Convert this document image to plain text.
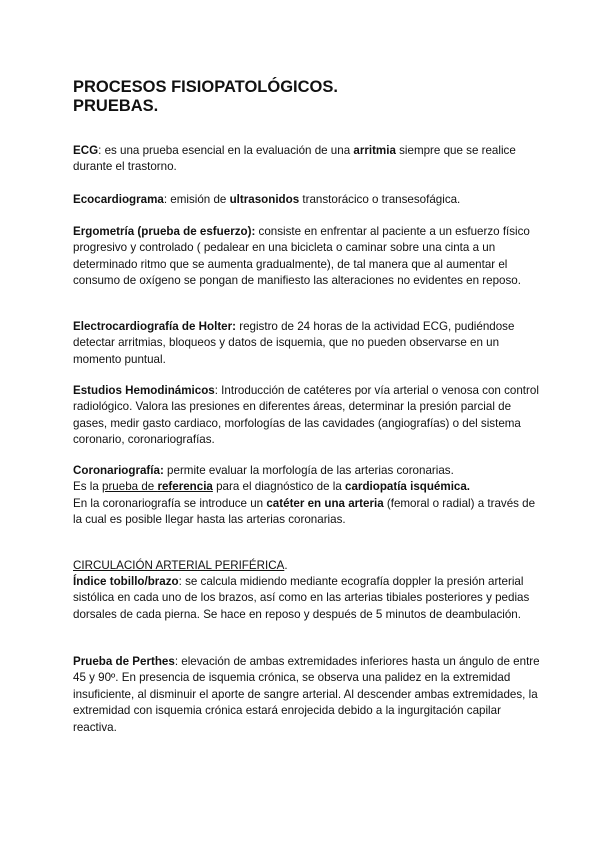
PROCESOS FISIOPATOLÓGICOS.
PRUEBAS.

ECG: es una prueba esencial en la evaluación de una arritmia siempre que se realice durante el trastorno.

Ecocardiograma: emisión de ultrasonidos transtorácico o transesofágica.

Ergometría (prueba de esfuerzo): consiste en enfrentar al paciente a un esfuerzo físico progresivo y controlado ( pedalear en una bicicleta o caminar sobre una cinta a un determinado ritmo que se aumenta gradualmente), de tal manera que al aumentar el consumo de oxígeno se pongan de manifiesto las alteraciones no evidentes en reposo.

Electrocardiografía de Holter: registro de 24 horas de la actividad ECG, pudiéndose detectar arritmias, bloqueos y datos de isquemia, que no pueden observarse en un momento puntual.

Estudios Hemodinámicos: Introducción de catéteres por vía arterial o venosa con control radiológico. Valora las presiones en diferentes áreas, determinar la presión parcial de gases, medir gasto cardiaco, morfologías de las cavidades (angiografías) o del sistema coronario, coronariografías.

Coronariografía: permite evaluar la morfología de las arterias coronarias.
Es la prueba de referencia para el diagnóstico de la cardiopatía isquémica.
En la coronariografía se introduce un catéter en una arteria (femoral o radial) a través de la cual es posible llegar hasta las arterias coronarias.

CIRCULACIÓN ARTERIAL PERIFÉRICA.

Índice tobillo/brazo: se calcula midiendo mediante ecografía doppler la presión arterial sistólica en cada uno de los brazos, así como en las arterias tibiales posteriores y pedias dorsales de cada pierna. Se hace en reposo y después de 5 minutos de deambulación.

Prueba de Perthes: elevación de ambas extremidades inferiores hasta un ángulo de entre 45 y 90º. En presencia de isquemia crónica, se observa una palidez en la extremidad insuficiente, al disminuir el aporte de sangre arterial. Al descender ambas extremidades, la extremidad con isquemia crónica estará enrojecida debido a la ingurgitación capilar reactiva.
